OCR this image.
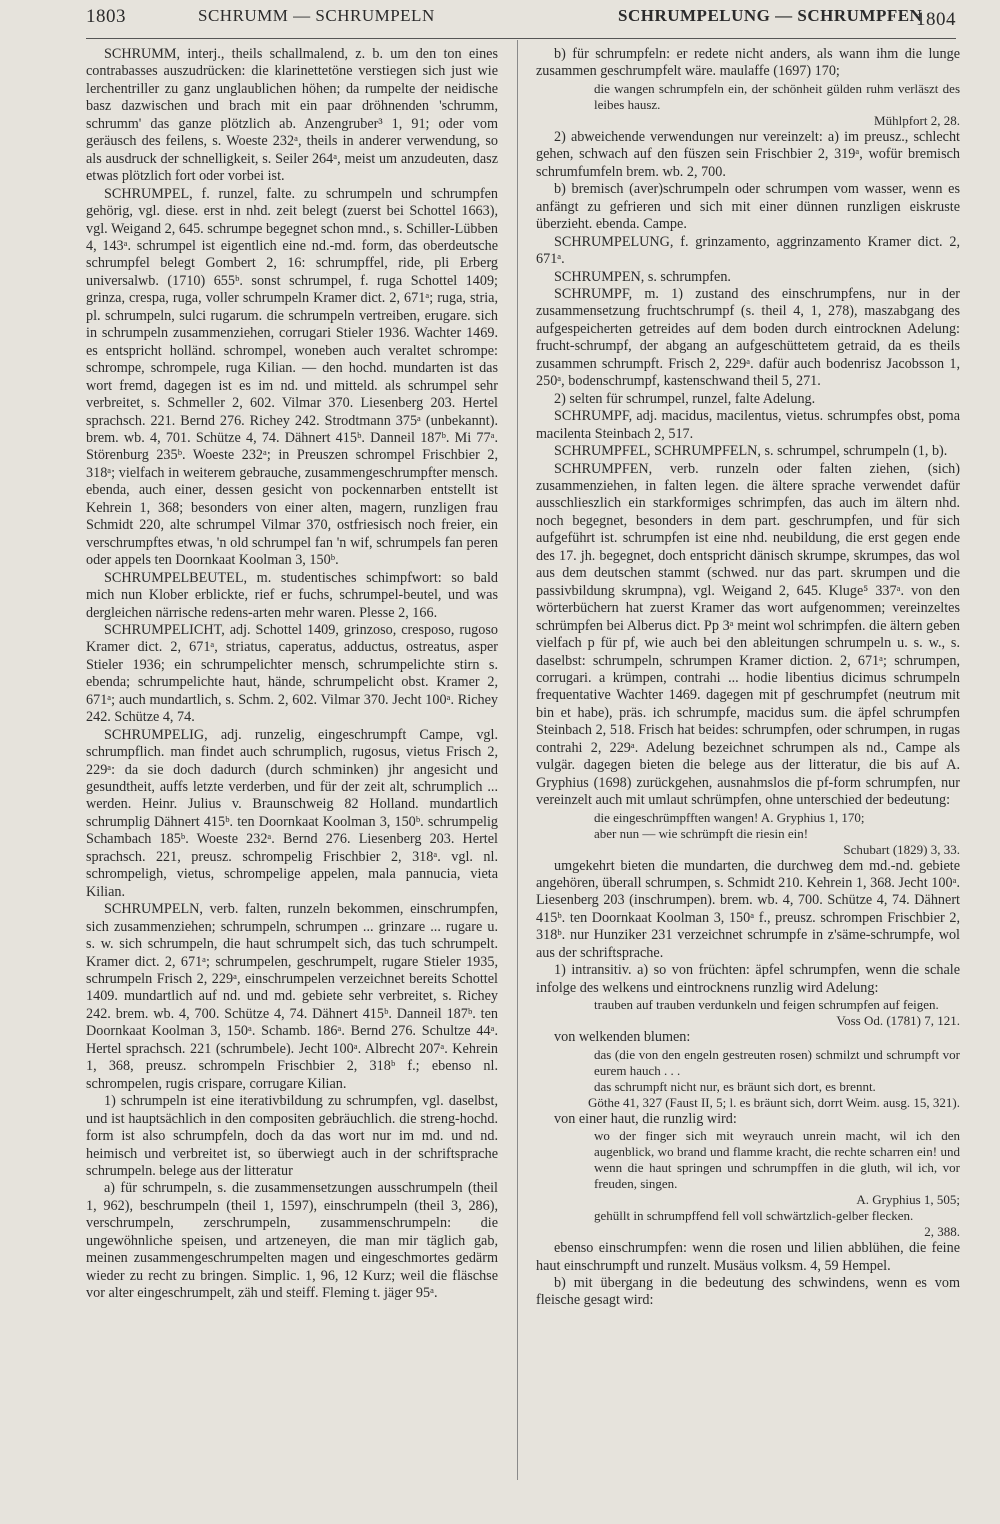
1803	SCHRUMM — SCHRUMPELN	SCHRUMPELUNG — SCHRUMPFEN
1804

SCHRUMM, interj., theils schallmalend, z. b. um den ton eines contrabasses auszudrücken: die klarinettetöne verstiegen sich just wie lerchentriller zu ganz unglaublichen höhen; da rumpelte der neidische basz dazwischen und brach mit ein paar dröhnenden 'schrumm, schrumm' das ganze plötzlich ab. Anzengruber³ 1, 91; oder vom geräusch des feilens, s. Woeste 232ᵃ, theils in anderer verwendung, so als ausdruck der schnelligkeit, s. Seiler 264ᵃ, meist um anzudeuten, dasz etwas plötzlich fort oder vorbei ist.

SCHRUMPEL, f. runzel, falte. zu schrumpeln und schrumpfen gehörig, vgl. diese. erst in nhd. zeit belegt (zuerst bei Schottel 1663), vgl. Weigand 2, 645. schrumpe begegnet schon mnd., s. Schiller-Lübben 4, 143ᵃ. schrumpel ist eigentlich eine nd.-md. form, das oberdeutsche schrumpfel belegt Gombert 2, 16: schrumpffel, ride, pli Erberg universalwb. (1710) 655ᵇ. sonst schrumpel, f. ruga Schottel 1409; grinza, crespa, ruga, voller schrumpeln Kramer dict. 2, 671ᵃ; ruga, stria, pl. schrumpeln, sulci rugarum. die schrumpeln vertreiben, erugare. sich in schrumpeln zusammenziehen, corrugari Stieler 1936. Wachter 1469. es entspricht holländ. schrompel, woneben auch veraltet schrompe: schrompe, schrompele, ruga Kilian. — den hochd. mundarten ist das wort fremd, dagegen ist es im nd. und mitteld. als schrumpel sehr verbreitet, s. Schmeller 2, 602. Vilmar 370. Liesenberg 203. Hertel sprachsch. 221. Bernd 276. Richey 242. Strodtmann 375ᵃ (unbekannt). brem. wb. 4, 701. Schütze 4, 74. Dähnert 415ᵇ. Danneil 187ᵇ. Mi 77ᵃ. Störenburg 235ᵇ. Woeste 232ᵃ; in Preuszen schrompel Frischbier 2, 318ᵃ; vielfach in weiterem gebrauche, zusammengeschrumpfter mensch. ebenda, auch einer, dessen gesicht von pockennarben entstellt ist Kehrein 1, 368; besonders von einer alten, magern, runzligen frau Schmidt 220, alte schrumpel Vilmar 370, ostfriesisch noch freier, ein verschrumpftes etwas, 'n old schrumpel fan 'n wif, schrumpels fan peren oder appels ten Doornkaat Koolman 3, 150ᵇ.

SCHRUMPELBEUTEL, m. studentisches schimpfwort: so bald mich nun Klober erblickte, rief er fuchs, schrumpel-beutel, und was dergleichen närrische redens-arten mehr waren. Plesse 2, 166.

SCHRUMPELICHT, adj. Schottel 1409, grinzoso, cresposo, rugoso Kramer dict. 2, 671ᵃ, striatus, caperatus, adductus, ostreatus, asper Stieler 1936; ein schrumpelichter mensch, schrumpelichte stirn s. ebenda; schrumpelichte haut, hände, schrumpelicht obst. Kramer 2, 671ᵃ; auch mundartlich, s. Schm. 2, 602. Vilmar 370. Jecht 100ᵃ. Richey 242. Schütze 4, 74.

SCHRUMPELIG, adj. runzelig, eingeschrumpft Campe, vgl. schrumpflich. man findet auch schrumplich, rugosus, vietus Frisch 2, 229ᵃ: da sie doch dadurch (durch schminken) jhr angesicht und gesundtheit, auffs letzte verderben, und für der zeit alt, schrumplich ... werden. Heinr. Julius v. Braunschweig 82 Holland. mundartlich schrumplig Dähnert 415ᵇ. ten Doornkaat Koolman 3, 150ᵇ. schrumpelig Schambach 185ᵇ. Woeste 232ᵃ. Bernd 276. Liesenberg 203. Hertel sprachsch. 221, preusz. schrompelig Frischbier 2, 318ᵃ. vgl. nl. schrompeligh, vietus, schrompelige appelen, mala pannucia, vieta Kilian.

SCHRUMPELN, verb. falten, runzeln bekommen, einschrumpfen, sich zusammenziehen; schrumpeln, schrumpen ... grinzare ... rugare u. s. w. sich schrumpeln, die haut schrumpelt sich, das tuch schrumpelt. Kramer dict. 2, 671ᵃ; schrumpelen, geschrumpelt, rugare Stieler 1935, schrumpeln Frisch 2, 229ᵃ, einschrumpelen verzeichnet bereits Schottel 1409. mundartlich auf nd. und md. gebiete sehr verbreitet, s. Richey 242. brem. wb. 4, 700. Schütze 4, 74. Dähnert 415ᵇ. Danneil 187ᵇ. ten Doornkaat Koolman 3, 150ᵃ. Schamb. 186ᵃ. Bernd 276. Schultze 44ᵃ. Hertel sprachsch. 221 (schrumbele). Jecht 100ᵃ. Albrecht 207ᵃ. Kehrein 1, 368, preusz. schrompeln Frischbier 2, 318ᵇ f.; ebenso nl. schrompelen, rugis crispare, corrugare Kilian.

1) schrumpeln ist eine iterativbildung zu schrumpfen, vgl. daselbst, und ist hauptsächlich in den compositen gebräuchlich. die streng-hochd. form ist also schrumpfeln, doch da das wort nur im md. und nd. heimisch und verbreitet ist, so überwiegt auch in der schriftsprache schrumpeln. belege aus der litteratur

a) für schrumpeln, s. die zusammensetzungen ausschrumpeln (theil 1, 962), beschrumpeln (theil 1, 1597), einschrumpeln (theil 3, 286), verschrumpeln, zerschrumpeln, zusammenschrumpeln: die ungewöhnliche speisen, und artzeneyen, die man mir täglich gab, meinen zusammengeschrumpelten magen und eingeschmortes gedärm wieder zu recht zu bringen. Simplic. 1, 96, 12 Kurz; weil die fläschse vor alter eingeschrumpelt, zäh und steiff. Fleming t. jäger 95ᵃ.

b) für schrumpfeln: er redete nicht anders, als wann ihm die lunge zusammen geschrumpfelt wäre. maulaffe (1697) 170;

die wangen schrumpfeln ein, der schönheit gülden ruhm verläszt des leibes hausz.

Mühlpfort 2, 28.

2) abweichende verwendungen nur vereinzelt: a) im preusz., schlecht gehen, schwach auf den füszen sein Frischbier 2, 319ᵃ, wofür bremisch schrumfumfeln brem. wb. 2, 700.

b) bremisch (aver)schrumpeln oder schrumpen vom wasser, wenn es anfängt zu gefrieren und sich mit einer dünnen runzligen eiskruste überzieht. ebenda. Campe.

SCHRUMPELUNG, f. grinzamento, aggrinzamento Kramer dict. 2, 671ᵃ.

SCHRUMPEN, s. schrumpfen.

SCHRUMPF, m. 1) zustand des einschrumpfens, nur in der zusammensetzung fruchtschrumpf (s. theil 4, 1, 278), maszabgang des aufgespeicherten getreides auf dem boden durch eintrocknen Adelung: frucht-schrumpf, der abgang an aufgeschüttetem getraid, da es theils zusammen schrumpft. Frisch 2, 229ᵃ. dafür auch bodenrisz Jacobsson 1, 250ᵃ, bodenschrumpf, kastenschwand theil 5, 271.

2) selten für schrumpel, runzel, falte Adelung.

SCHRUMPF, adj. macidus, macilentus, vietus. schrumpfes obst, poma macilenta Steinbach 2, 517.

SCHRUMPFEL, SCHRUMPFELN, s. schrumpel, schrumpeln (1, b).

SCHRUMPFEN, verb. runzeln oder falten ziehen, (sich) zusammenziehen, in falten legen. die ältere sprache verwendet dafür ausschlieszlich ein starkformiges schrimpfen, das auch im ältern nhd. noch begegnet, besonders in dem part. geschrumpfen, und für sich aufgeführt ist. schrumpfen ist eine nhd. neubildung, die erst gegen ende des 17. jh. begegnet, doch entspricht dänisch skrumpe, skrumpes, das wol aus dem deutschen stammt (schwed. nur das part. skrumpen und die passivbildung skrumpna), vgl. Weigand 2, 645. Kluge⁵ 337ᵃ. von den wörterbüchern hat zuerst Kramer das wort aufgenommen; vereinzeltes schrümpfen bei Alberus dict. Pp 3ᵃ meint wol schrimpfen. die ältern geben vielfach p für pf, wie auch bei den ableitungen schrumpeln u. s. w., s. daselbst: schrumpeln, schrumpen Kramer diction. 2, 671ᵃ; schrumpen, corrugari. a krümpen, contrahi ... hodie libentius dicimus schrumpeln frequentative Wachter 1469. dagegen mit pf geschrumpfet (neutrum mit bin et habe), präs. ich schrumpfe, macidus sum. die äpfel schrumpfen Steinbach 2, 518. Frisch hat beides: schrumpfen, oder schrumpen, in rugas contrahi 2, 229ᵃ. Adelung bezeichnet schrumpen als nd., Campe als vulgär. dagegen bieten die belege aus der litteratur, die bis auf A. Gryphius (1698) zurückgehen, ausnahmslos die pf-form schrumpfen, nur vereinzelt auch mit umlaut schrümpfen, ohne unterschied der bedeutung:

die eingeschrümpfften wangen! A. Gryphius 1, 170;

aber nun — wie schrümpft die riesin ein!

Schubart (1829) 3, 33.

umgekehrt bieten die mundarten, die durchweg dem md.-nd. gebiete angehören, überall schrumpen, s. Schmidt 210. Kehrein 1, 368. Jecht 100ᵃ. Liesenberg 203 (inschrumpen). brem. wb. 4, 700. Schütze 4, 74. Dähnert 415ᵇ. ten Doornkaat Koolman 3, 150ᵃ f., preusz. schrompen Frischbier 2, 318ᵇ. nur Hunziker 231 verzeichnet schrumpfe in z'säme-schrumpfe, wol aus der schriftsprache.

1) intransitiv. a) so von früchten: äpfel schrumpfen, wenn die schale infolge des welkens und eintrocknens runzlig wird Adelung:

trauben auf trauben verdunkeln und feigen schrumpfen auf feigen.

Voss Od. (1781) 7, 121.

von welkenden blumen:

das (die von den engeln gestreuten rosen) schmilzt und schrumpft vor eurem hauch . . .

das schrumpft nicht nur, es bräunt sich dort, es brennt.

Göthe 41, 327 (Faust II, 5; l. es bräunt sich, dorrt Weim. ausg. 15, 321).

von einer haut, die runzlig wird:

wo der finger sich mit weyrauch unrein macht, wil ich den augenblick, wo brand und flamme kracht, die rechte scharren ein! und wenn die haut springen und schrumpffen in die gluth, wil ich, vor freuden, singen.

A. Gryphius 1, 505;

gehüllt in schrumpffend fell voll schwärtzlich-gelber flecken.

2, 388.

ebenso einschrumpfen: wenn die rosen und lilien abblühen, die feine haut einschrumpft und runzelt. Musäus volksm. 4, 59 Hempel.

b) mit übergang in die bedeutung des schwindens, wenn es vom fleische gesagt wird:
